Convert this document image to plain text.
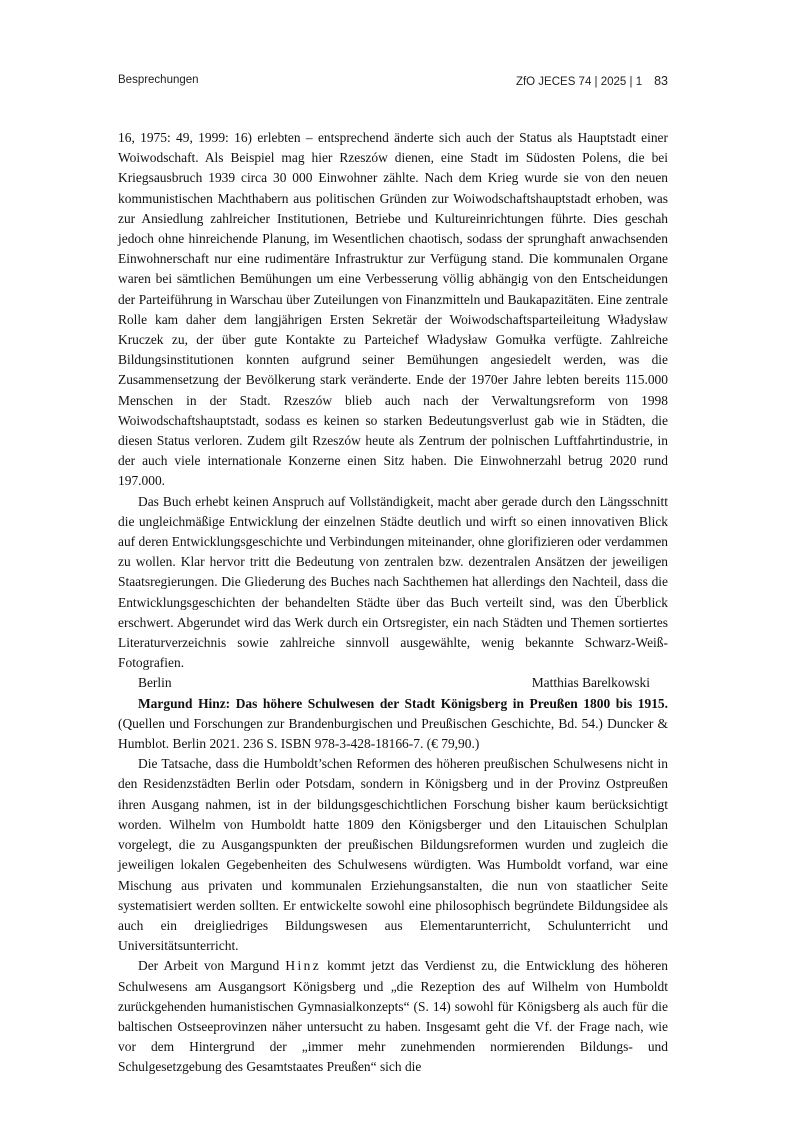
Besprechungen	ZfO JECES 74 | 2025 | 1 83

16, 1975: 49, 1999: 16) erlebten – entsprechend änderte sich auch der Status als Hauptstadt einer Woiwodschaft. Als Beispiel mag hier Rzeszów dienen, eine Stadt im Südosten Polens, die bei Kriegsausbruch 1939 circa 30 000 Einwohner zählte. Nach dem Krieg wurde sie von den neuen kommunistischen Machthabern aus politischen Gründen zur Woiwodschaftshauptstadt erhoben, was zur Ansiedlung zahlreicher Institutionen, Betriebe und Kultureinrichtungen führte. Dies geschah jedoch ohne hinreichende Planung, im Wesentlichen chaotisch, sodass der sprunghaft anwachsenden Einwohnerschaft nur eine rudimentäre Infrastruktur zur Verfügung stand. Die kommunalen Organe waren bei sämtlichen Bemühungen um eine Verbesserung völlig abhängig von den Entscheidungen der Parteiführung in Warschau über Zuteilungen von Finanzmitteln und Baukapazitäten. Eine zentrale Rolle kam daher dem langjährigen Ersten Sekretär der Woiwodschaftsparteileitung Władysław Kruczek zu, der über gute Kontakte zu Parteichef Władysław Gomułka verfügte. Zahlreiche Bildungsinstitutionen konnten aufgrund seiner Bemühungen angesiedelt werden, was die Zusammensetzung der Bevölkerung stark veränderte. Ende der 1970er Jahre lebten bereits 115.000 Menschen in der Stadt. Rzeszów blieb auch nach der Verwaltungsreform von 1998 Woiwodschaftshauptstadt, sodass es keinen so starken Bedeutungsverlust gab wie in Städten, die diesen Status verloren. Zudem gilt Rzeszów heute als Zentrum der polnischen Luftfahrtindustrie, in der auch viele internationale Konzerne einen Sitz haben. Die Einwohnerzahl betrug 2020 rund 197.000.

Das Buch erhebt keinen Anspruch auf Vollständigkeit, macht aber gerade durch den Längsschnitt die ungleichmäßige Entwicklung der einzelnen Städte deutlich und wirft so einen innovativen Blick auf deren Entwicklungsgeschichte und Verbindungen miteinander, ohne glorifizieren oder verdammen zu wollen. Klar hervor tritt die Bedeutung von zentralen bzw. dezentralen Ansätzen der jeweiligen Staatsregierungen. Die Gliederung des Buches nach Sachthemen hat allerdings den Nachteil, dass die Entwicklungsgeschichten der behandelten Städte über das Buch verteilt sind, was den Überblick erschwert. Abgerundet wird das Werk durch ein Ortsregister, ein nach Städten und Themen sortiertes Literaturverzeichnis sowie zahlreiche sinnvoll ausgewählte, wenig bekannte Schwarz-Weiß-Fotografien.

Berlin	Matthias Barelkowski

Margund Hinz: Das höhere Schulwesen der Stadt Königsberg in Preußen 1800 bis 1915. (Quellen und Forschungen zur Brandenburgischen und Preußischen Geschichte, Bd. 54.) Duncker & Humblot. Berlin 2021. 236 S. ISBN 978-3-428-18166-7. (€ 79,90.)

Die Tatsache, dass die Humboldt’schen Reformen des höheren preußischen Schulwesens nicht in den Residenzstädten Berlin oder Potsdam, sondern in Königsberg und in der Provinz Ostpreußen ihren Ausgang nahmen, ist in der bildungsgeschichtlichen Forschung bisher kaum berücksichtigt worden. Wilhelm von Humboldt hatte 1809 den Königsberger und den Litauischen Schulplan vorgelegt, die zu Ausgangspunkten der preußischen Bildungsreformen wurden und zugleich die jeweiligen lokalen Gegebenheiten des Schulwesens würdigten. Was Humboldt vorfand, war eine Mischung aus privaten und kommunalen Erziehungsanstalten, die nun von staatlicher Seite systematisiert werden sollten. Er entwickelte sowohl eine philosophisch begründete Bildungsidee als auch ein dreigliedriges Bildungswesen aus Elementarunterricht, Schulunterricht und Universitätsunterricht.

Der Arbeit von Margund Hinz kommt jetzt das Verdienst zu, die Entwicklung des höheren Schulwesens am Ausgangsort Königsberg und „die Rezeption des auf Wilhelm von Humboldt zurückgehenden humanistischen Gymnasialkonzepts“ (S. 14) sowohl für Königsberg als auch für die baltischen Ostseeprovinzen näher untersucht zu haben. Insgesamt geht die Vf. der Frage nach, wie vor dem Hintergrund der „immer mehr zunehmenden normierenden Bildungs- und Schulgesetzgebung des Gesamtstaates Preußen“ sich die
